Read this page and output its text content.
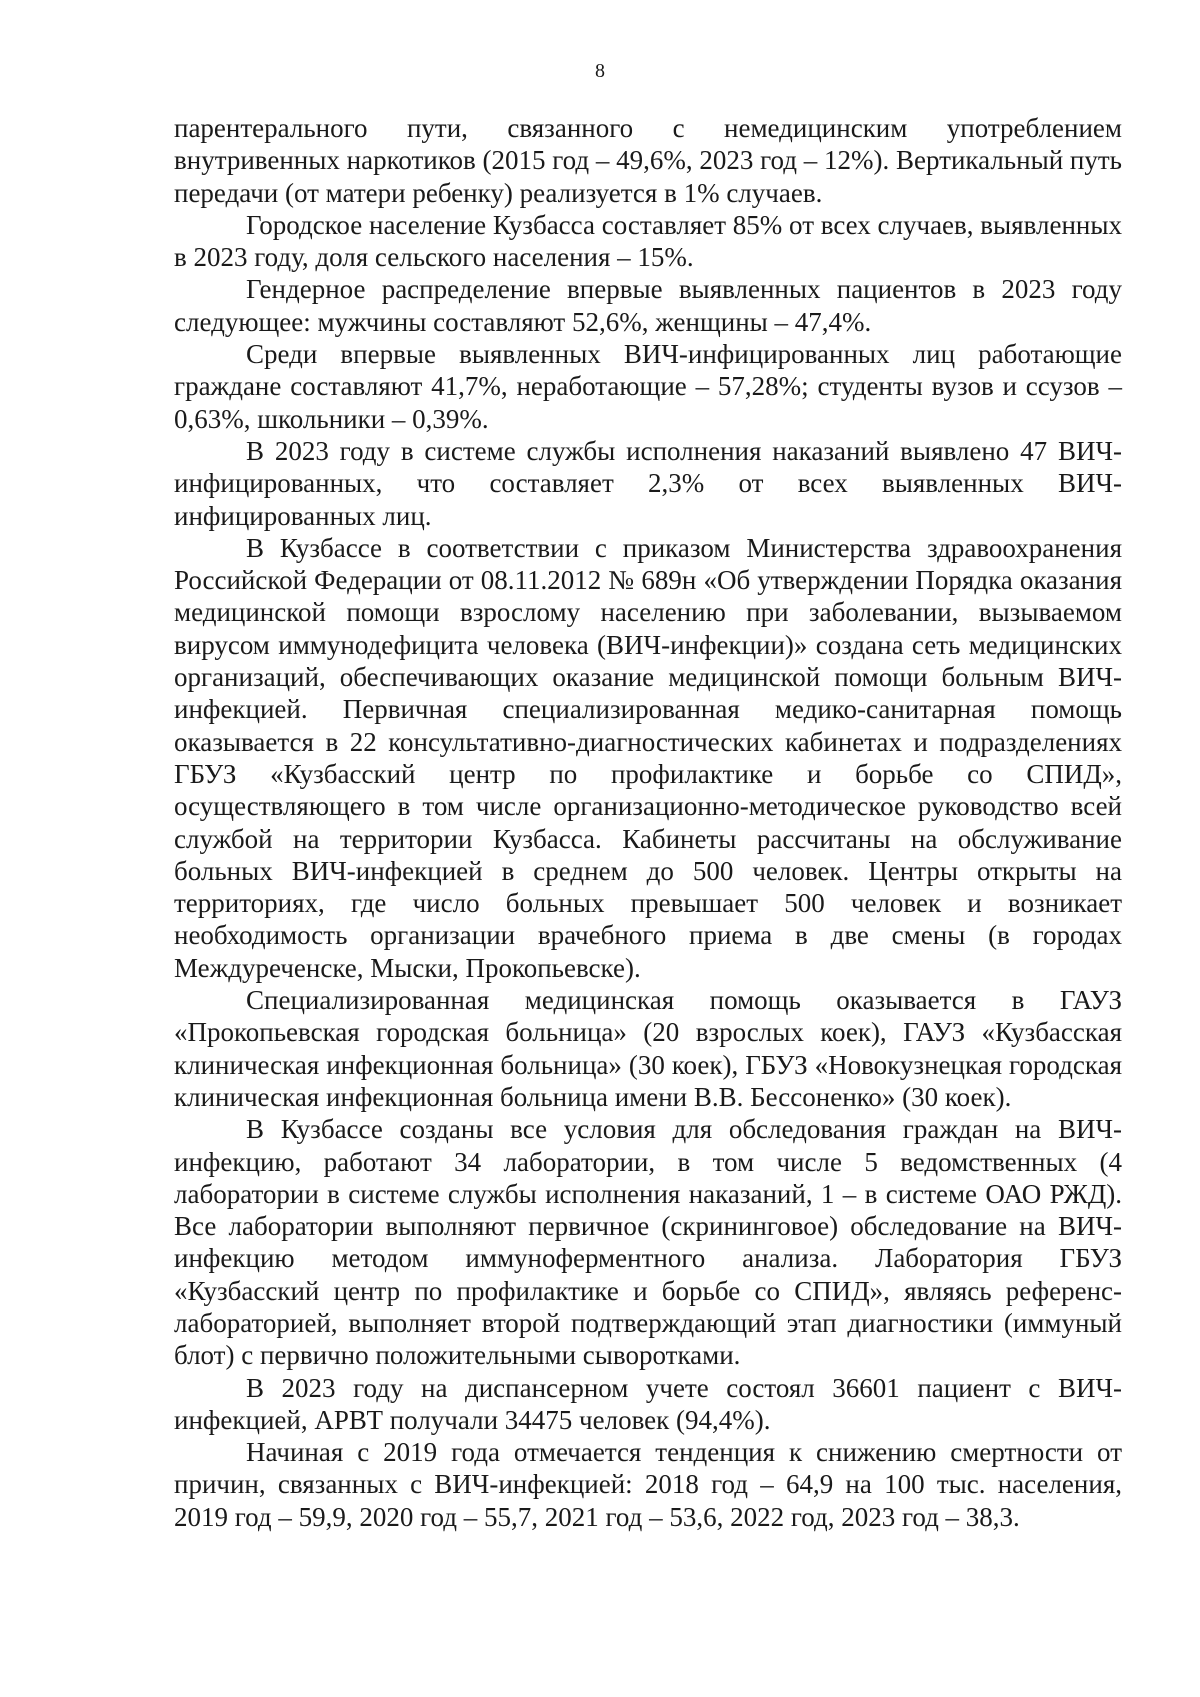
8

парентерального пути, связанного с немедицинским употреблением внутривенных наркотиков (2015 год – 49,6%, 2023 год – 12%). Вертикальный путь передачи (от матери ребенку) реализуется в 1% случаев.

Городское население Кузбасса составляет 85% от всех случаев, выявленных в 2023 году, доля сельского населения – 15%.

Гендерное распределение впервые выявленных пациентов в 2023 году следующее: мужчины составляют 52,6%, женщины – 47,4%.

Среди впервые выявленных ВИЧ-инфицированных лиц работающие граждане составляют 41,7%, неработающие – 57,28%; студенты вузов и ссузов – 0,63%, школьники – 0,39%.

В 2023 году в системе службы исполнения наказаний выявлено 47 ВИЧ-инфицированных, что составляет 2,3% от всех выявленных ВИЧ-инфицированных лиц.

В Кузбассе в соответствии с приказом Министерства здравоохранения Российской Федерации от 08.11.2012 № 689н «Об утверждении Порядка оказания медицинской помощи взрослому населению при заболевании, вызываемом вирусом иммунодефицита человека (ВИЧ-инфекции)» создана сеть медицинских организаций, обеспечивающих оказание медицинской помощи больным ВИЧ-инфекцией. Первичная специализированная медико-санитарная помощь оказывается в 22 консультативно-диагностических кабинетах и подразделениях ГБУЗ «Кузбасский центр по профилактике и борьбе со СПИД», осуществляющего в том числе организационно-методическое руководство всей службой на территории Кузбасса. Кабинеты рассчитаны на обслуживание больных ВИЧ-инфекцией в среднем до 500 человек. Центры открыты на территориях, где число больных превышает 500 человек и возникает необходимость организации врачебного приема в две смены (в городах Междуреченске, Мыски, Прокопьевске).

Специализированная медицинская помощь оказывается в ГАУЗ «Прокопьевская городская больница» (20 взрослых коек), ГАУЗ «Кузбасская клиническая инфекционная больница» (30 коек), ГБУЗ «Новокузнецкая городская клиническая инфекционная больница имени В.В. Бессоненко» (30 коек).

В Кузбассе созданы все условия для обследования граждан на ВИЧ-инфекцию, работают 34 лаборатории, в том числе 5 ведомственных (4 лаборатории в системе службы исполнения наказаний, 1 – в системе ОАО РЖД). Все лаборатории выполняют первичное (скрининговое) обследование на ВИЧ-инфекцию методом иммуноферментного анализа. Лаборатория ГБУЗ «Кузбасский центр по профилактике и борьбе со СПИД», являясь референс-лабораторией, выполняет второй подтверждающий этап диагностики (иммуный блот) с первично положительными сыворотками.

В 2023 году на диспансерном учете состоял 36601 пациент с ВИЧ-инфекцией, АРВТ получали 34475 человек (94,4%).

Начиная с 2019 года отмечается тенденция к снижению смертности от причин, связанных с ВИЧ-инфекцией: 2018 год – 64,9 на 100 тыс. населения, 2019 год – 59,9, 2020 год – 55,7, 2021 год – 53,6, 2022 год, 2023 год – 38,3.
